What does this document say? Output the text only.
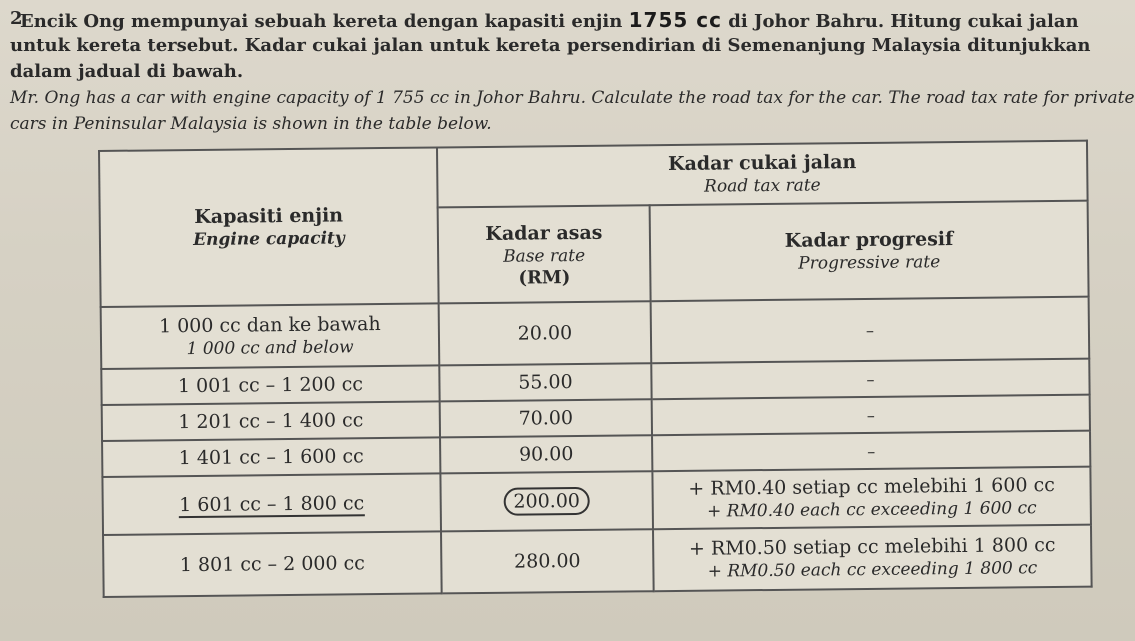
2
Encik Ong mempunyai sebuah kereta dengan kapasiti enjin 1755 cc di Johor Bahru. Hitung cukai jalan
untuk kereta tersebut. Kadar cukai jalan untuk kereta persendirian di Semenanjung Malaysia ditunjukkan
dalam jadual di bawah.
Mr. Ong has a car with engine capacity of 1 755 cc in Johor Bahru. Calculate the road tax for the car. The road tax rate for private
cars in Peninsular Malaysia is shown in the table below.
Kapasiti enjin
Engine capacity	Kadar cukai jalan
Road tax rate	

	Kadar asas
Base rate
(RM)	Kadar progresif
Progressive rate

1 000 cc dan ke bawah
1 000 cc and below	20.00	–

1 001 cc – 1 200 cc	55.00	–

1 201 cc – 1 400 cc	70.00	–

1 401 cc – 1 600 cc	90.00	–

1 601 cc – 1 800 cc	200.00	+ RM0.40 setiap cc melebihi 1 600 cc
+ RM0.40 each cc exceeding 1 600 cc

1 801 cc – 2 000 cc	280.00	+ RM0.50 setiap cc melebihi 1 800 cc
+ RM0.50 each cc exceeding 1 800 cc
